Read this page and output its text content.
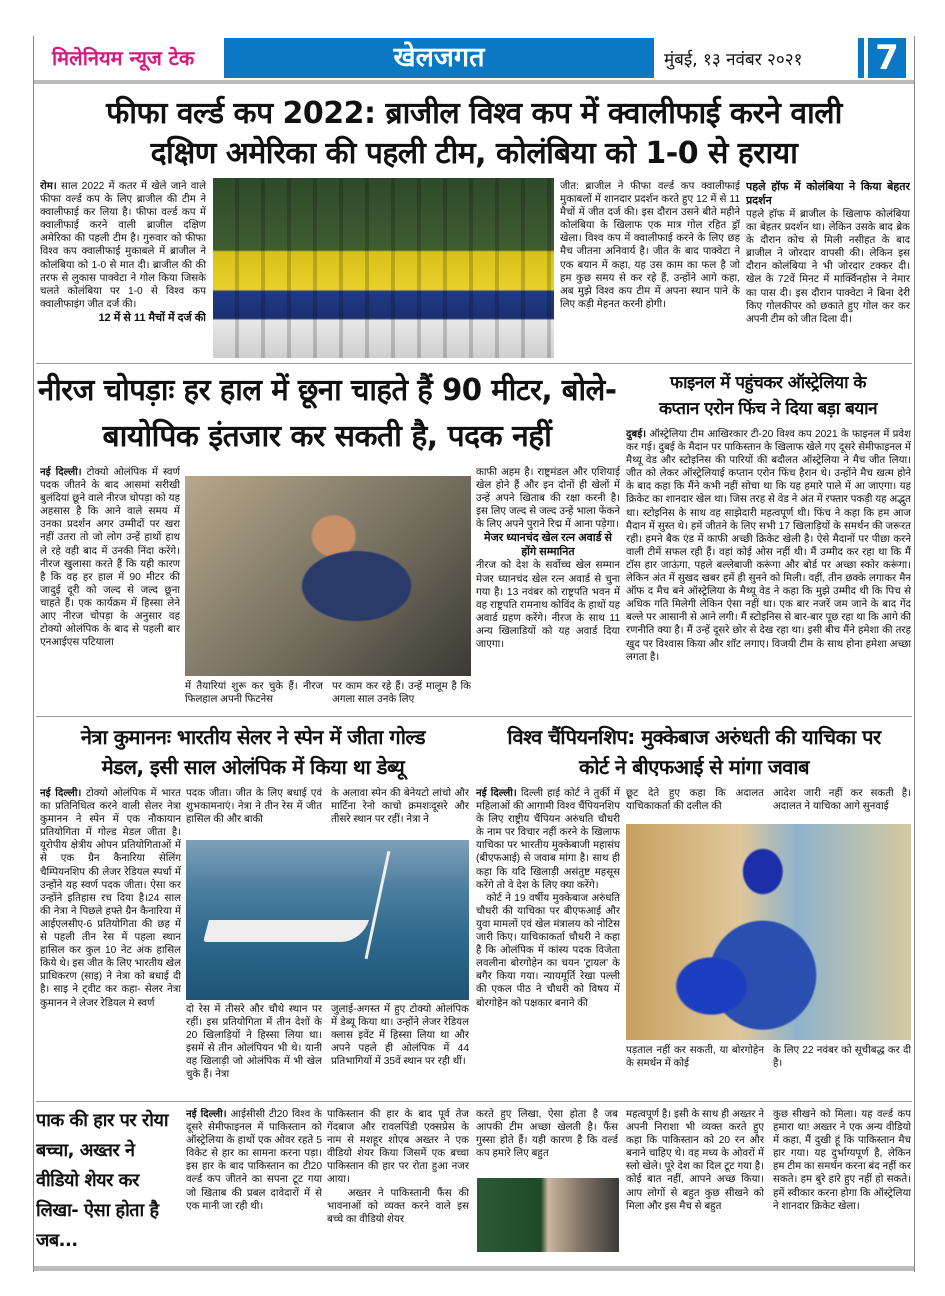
मिलेनियम न्यूज टेक	खेलजगत	मुंबई, १३ नवंबर २०२१	7
फीफा वर्ल्ड कप 2022: ब्राजील विश्व कप में क्वालीफाई करने वाली
दक्षिण अमेरिका की पहली टीम, कोलंबिया को 1-0 से हराया
रोम। साल 2022 में कतर में खेले जाने वाले फीफा वर्ल्ड कप के लिए ब्राजील की टीम ने क्वालीफाई कर लिया है। फीफा वर्ल्ड कप में क्वालीफाई करने वाली ब्राजील दक्षिण अमेरिका की पहली टीम है। गुरुवार को फीफा विश्व कप क्वालीफाई मुकाबले में ब्राजील ने कोलंबिया को 1-0 से मात दी। ब्राजील की की तरफ से लुकास पाक्वेटा ने गोल किया जिसके चलते कोलंबिया पर 1-0 से विश्व कप क्वालीफाइंग जीत दर्ज की।
12 में से 11 मैचों में दर्ज की
जीत: ब्राजील ने फीफा वर्ल्ड कप क्वालीफाई मुकाबलों में शानदार प्रदर्शन करते हुए 12 में से 11 मैचों में जीत दर्ज की। इस दौरान उसने बीते महीने कोलंबिया के खिलाफ एक मात्र गोल रहित ड्रॉ खेला। विश्व कप में क्वालीफाई करने के लिए छह मैच जीतना अनिवार्य है। जीत के बाद पाक्वेटा ने एक बयान में कहा, यह उस काम का फल है जो हम कुछ समय से कर रहे हैं, उन्होंने आगे कहा, अब मुझे विश्व कप टीम में अपना स्थान पाने के लिए कड़ी मेहनत करनी होगी।
पहले हॉफ में कोलंबिया ने किया बेहतर प्रदर्शन
पहले हॉफ में ब्राजील के खिलाफ कोलंबिया का बेहतर प्रदर्शन था। लेकिन उसके बाद ब्रेक के दौरान कोच से मिली नसीहत के बाद ब्राजील ने जोरदार वापसी की। लेकिन इस दौरान कोलंबिया ने भी जोरदार टक्कर दी। खेल के 72वें मिनट में मार्क्विनहोस ने नेमार का पास दी। इस दौरान पाक्वेटा ने बिना देरी किए गोलकीपर को छकाते हुए गोल कर कर अपनी टीम को जीत दिला दी।
नीरज चोपड़ाः हर हाल में छूना चाहते हैं 90 मीटर, बोले-
बायोपिक इंतजार कर सकती है, पदक नहीं
नई दिल्ली। टोक्यो ओलंपिक में स्वर्ण पदक जीतने के बाद आसमां सरीखी बुलंदियां छूने वाले नीरज चोपड़ा को यह अहसास है कि आने वाले समय में उनका प्रदर्शन अगर उम्मीदों पर खरा नहीं उतरा तो जो लोग उन्हें हाथों हाथ ले रहे वही बाद में उनकी निंदा करेंगे। नीरज खुलासा करते हैं कि यही कारण है कि वह हर हाल में 90 मीटर की जादुई दूरी को जल्द से जल्द छूना चाहते हैं। एक कार्यक्रम में हिस्सा लेने आए नीरज चोपड़ा के अनुसार वह टोक्यो ओलंपिक के बाद से पहली बार एनआईएस पटियाला
में तैयारियां शुरू कर चुके हैं। नीरज फिलहाल अपनी फिटनेस
पर काम कर रहे हैं। उन्हें मालूम है कि अगला साल उनके लिए
काफी अहम है। राष्ट्रमंडल और एशियाई खेल होने हैं और इन दोनों ही खेलों में उन्हें अपने खिताब की रक्षा करनी है। इस लिए जल्द से जल्द उन्हें भाला फेंकने के लिए अपने पुराने रिद्म में आना पड़ेगा।
मेजर ध्यानचंद खेल रत्न अवार्ड से होंगे सम्मानित
नीरज को देश के सर्वोच्च खेल सम्मान मेजर ध्यानचंद खेल रत्न अवार्ड से चुना गया है। 13 नवंबर को राष्ट्रपति भवन में वह राष्ट्रपति रामनाथ कोविंद के हाथों यह अवार्ड ग्रहण करेंगे। नीरज के साथ 11 अन्य खिलाडियों को यह अवार्ड दिया जाएगा।
फाइनल में पहुंचकर ऑस्ट्रेलिया के
कप्तान एरोन फिंच ने दिया बड़ा बयान
दुबई। ऑस्ट्रेलिया टीम आखिरकार टी-20 विश्व कप 2021 के फाइनल में प्रवेश कर गई। दुबई के मैदान पर पाकिस्तान के खिलाफ खेले गए दूसरे सेमीफाइनल में मैथ्यू वेड और स्टोइनिस की पारियों की बदौलत ऑस्ट्रेलिया ने मैच जीत लिया। जीत को लेकर ऑस्ट्रेलियाई कप्तान एरोन फिंच हैरान थे। उन्होंने मैच खत्म होने के बाद कहा कि मैंने कभी नहीं सोचा था कि यह हमारे पाले में आ जाएगा। यह क्रिकेट का शानदार खेल था। जिस तरह से वेड ने अंत में रफ्तार पकड़ी यह अद्भुत था। स्टोइनिस के साथ वह साझेदारी महत्वपूर्ण थी। फिंच ने कहा कि हम आज मैदान में सुस्त थे। हमें जीतने के लिए सभी 17 खिलाड़ियों के समर्थन की जरूरत रही। हमने बैक एंड में काफी अच्छी क्रिकेट खेली है। ऐसे मैदानों पर पीछा करने वाली टीमें सफल रही हैं। वहां कोई ओस नहीं थी। मैं उम्मीद कर रहा था कि मैं टॉस हार जाऊंगा, पहले बल्लेबाजी करूंगा और बोर्ड पर अच्छा स्कोर करूंगा। लेकिन अंत में सुखद खबर हमें ही सुनने को मिली। वहीं, तीन छक्के लगाकर मैन ऑफ द मैच बने ऑस्ट्रेलिया के मैथ्यू वेड ने कहा कि मुझे उम्मीद थी कि पिच से अधिक गति मिलेगी लेकिन ऐसा नहीं था। एक बार नजरें जम जाने के बाद गेंद बल्ले पर आसानी से आने लगी। मैं स्टोइनिस से बार-बार पूछ रहा था कि आगे की रणनीति क्या है। मैं उन्हें दूसरे छोर से देख रहा था। इसी बीच मैंने हमेशा की तरह खुद पर विश्वास किया और शॉट लगाए। विजयी टीम के साथ होना हमेशा अच्छा लगता है।
नेत्रा कुमाननः भारतीय सेलर ने स्पेन में जीता गोल्ड
मेडल, इसी साल ओलंपिक में किया था डेब्यू
नई दिल्ली। टोक्यो ओलंपिक में भारत का प्रतिनिधित्व करने वाली सेलर नेत्रा कुमानन ने स्पेन में एक नौकायान प्रतियोगिता में गोल्ड मेडल जीता है। यूरोपीय क्षेत्रीय ओपन प्रतियोगिताओं में से एक ग्रैन कैनारिया सेलिंग चैम्पियनशिप की लेजर रेडियल स्पर्धा में उन्होंने यह स्वर्ण पदक जीता। ऐसा कर उन्होंने इतिहास रच दिया है।24 साल की नेत्रा ने पिछले हफ्ते ग्रैन कैनारिया में आईएलसीए-6 प्रतियोगिता की छह में से पहली तीन रेस में पहला स्थान हासिल कर कुल 10 नेट अंक हासिल किये थे। इस जीत के लिए भारतीय खेल प्राधिकरण (साइ) ने नेत्रा को बधाई दी है। साइ ने ट्वीट कर कहा- सेलर नेत्रा कुमानन ने लेजर रेडियल मे स्वर्ण
पदक जीता। जीत के लिए बधाई एवं शुभकामनाएं। नेत्रा ने तीन रेस में जीत हासिल की और बाकी
के अलावा स्पेन की बेनेयटो लांचो और मार्टिना रेनो काचो क्रमशःदूसरे और तीसरे स्थान पर रहीं। नेत्रा ने
दो रेस में तीसरे और चौथे स्थान पर रहीं। इस प्रतियोगिता में तीन देशों के 20 खिलाड़ियों ने हिस्सा लिया था। इसमें से तीन ओलंपियन भी थे। यानी वह खिलाड़ी जो ओलंपिक में भी खेल चुके हैं। नेत्रा
जुलाई-अगस्त में हुए टोक्यो ओलंपिक में डेब्यू किया था। उन्होंने लेजर रेडियल क्लास इवेंट में हिस्सा लिया था और अपने पहले ही ओलंपिक में 44 प्रतिभागियों में 35वें स्थान पर रही थीं।
विश्व चैंपियनशिप: मुक्केबाज अरुंधती की याचिका पर
कोर्ट ने बीएफआई से मांगा जवाब
नई दिल्ली। दिल्ली हाई कोर्ट ने तुर्की में महिलाओं की आगामी विश्व चैंपियनशिप के लिए राष्ट्रीय चैंपियन अरुंधति चौधरी के नाम पर विचार नहीं करने के खिलाफ याचिका पर भारतीय मुक्केबाजी महासंघ (बीएफआई) से जवाब मांगा है। साथ ही कहा कि यदि खिलाड़ी असंतुष्ट महसूस करेंगे तो वे देश के लिए क्या करेंगे।
कोर्ट ने 19 वर्षीय मुक्केबाज अरुंधति चौधरी की याचिका पर बीएफआई और युवा मामलों एवं खेल मंत्रालय को नोटिस जारी किए। याचिकाकर्ता चौधरी ने कहा है कि ओलंपिक में कांस्य पदक विजेता लवलीना बोरगोहेन का चयन 'ट्रायल' के बगैर किया गया। न्यायमूर्ति रेखा पल्ली की एकल पीठ ने चौधरी को विषय में बोरगोहेन को पक्षकार बनाने की
छूट देते हुए कहा कि अदालत याचिकाकर्ता की दलील की
आदेश जारी नहीं कर सकती है। अदालत ने याचिका आगे सुनवाई
पड़ताल नहीं कर सकती, या बोरगोहेन के समर्थन में कोई
के लिए 22 नवंबर को सूचीबद्ध कर दी है।
पाक की हार पर रोया बच्चा, अख्तर ने वीडियो शेयर कर लिखा- ऐसा होता है जब...
नई दिल्ली। आईसीसी टी20 विश्व के दूसरे सेमीफाइनल में पाकिस्तान को ऑस्ट्रेलिया के हाथों एक ओवर रहते 5 विकेट से हार का सामना करना पड़ा। इस हार के बाद पाकिस्तान का टी20 वर्ल्ड कप जीतने का सपना टूट गया जो खिताब की प्रबल दावेदारों में से एक मानी जा रही थी।
पाकिस्तान की हार के बाद पूर्व तेज गेंदबाज और रावलपिंडी एक्सप्रेस के नाम से मशहूर शोएब अख्तर ने एक वीडियो शेयर किया जिसमें एक बच्चा पाकिस्तान की हार पर रोता हुआ नजर आया।
अख्तर ने पाकिस्तानी फैंस की भावनाओं को व्यक्त करने वाले इस बच्चे का वीडियो शेयर
करते हुए लिखा, ऐसा होता है जब आपकी टीम अच्छा खेलती है। फैंस गुस्सा होते हैं। यही कारण है कि वर्ल्ड कप हमारे लिए बहुत
महत्वपूर्ण है। इसी के साथ ही अख्तर ने अपनी निराशा भी व्यक्त करते हुए कहा कि पाकिस्तान को 20 रन और बनाने चाहिए थे। वह मध्य के ओवरों में स्लो खेले। पूरे देश का दिल टूट गया है। कोई बात नहीं, आपने अच्छ किया। आप लोगों से बहुत कुछ सीखने को मिला और इस मैच से बहुत
कुछ सीखने को मिला। यह वर्ल्ड कप हमारा था! अख्तर ने एक अन्य वीडियो में कहा, मैं दुखी हूं कि पाकिस्तान मैच हार गया। यह दुर्भाग्यपूर्ण है, लेकिन हम टीम का समर्थन करना बंद नहीं कर सकते। हम बुरे हारे हुए नहीं हो सकते। हमें स्वीकार करना होगा कि ऑस्ट्रेलिया ने शानदार क्रिकेट खेला।
